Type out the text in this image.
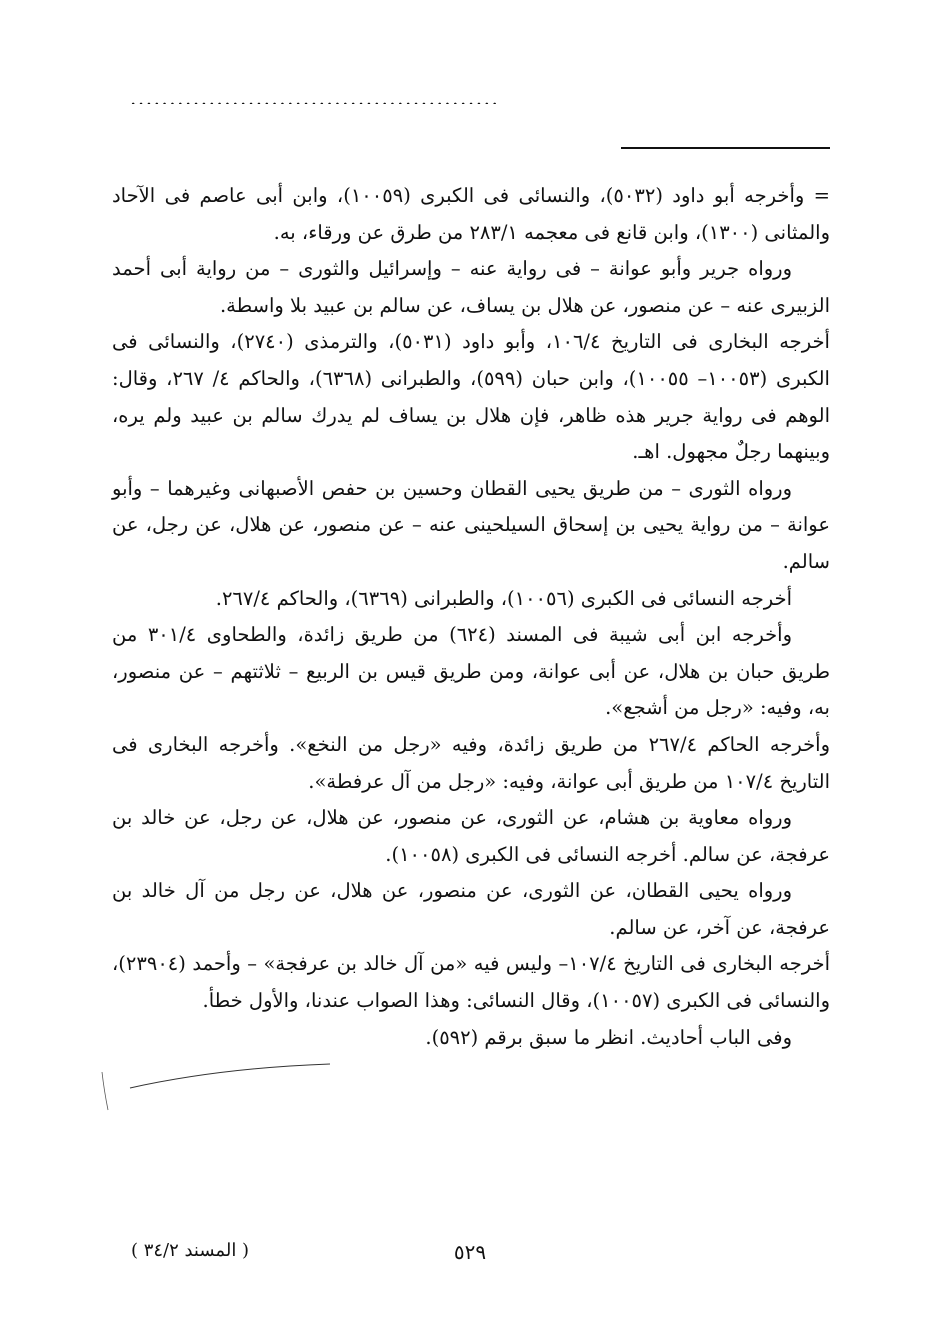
...............................................

= وأخرجه أبو داود (٥٠٣٢)، والنسائى فى الكبرى (١٠٠٥٩)، وابن أبى عاصم فى الآحاد والمثانى (١٣٠٠)، وابن قانع فى معجمه ٢٨٣/١ من طرق عن ورقاء، به.

ورواه جرير وأبو عوانة – فى رواية عنه – وإسرائيل والثورى – من رواية أبى أحمد الزبيرى عنه – عن منصور، عن هلال بن يساف، عن سالم بن عبيد بلا واسطة.

أخرجه البخارى فى التاريخ ١٠٦/٤، وأبو داود (٥٠٣١)، والترمذى (٢٧٤٠)، والنسائى فى الكبرى (١٠٠٥٣– ١٠٠٥٥)، وابن حبان (٥٩٩)، والطبرانى (٦٣٦٨)، والحاكم ٤/ ٢٦٧، وقال: الوهم فى رواية جرير هذه ظاهر، فإن هلال بن يساف لم يدرك سالم بن عبيد ولم يره، وبينهما رجلٌ مجهول. اهـ.

ورواه الثورى – من طريق يحيى القطان وحسين بن حفص الأصبهانى وغيرهما – وأبو عوانة – من رواية يحيى بن إسحاق السيلحينى عنه – عن منصور، عن هلال، عن رجل، عن سالم.

أخرجه النسائى فى الكبرى (١٠٠٥٦)، والطبرانى (٦٣٦٩)، والحاكم ٢٦٧/٤.

وأخرجه ابن أبى شيبة فى المسند (٦٢٤) من طريق زائدة، والطحاوى ٣٠١/٤ من طريق حبان بن هلال، عن أبى عوانة، ومن طريق قيس بن الربيع – ثلاثتهم – عن منصور، به، وفيه: «رجل من أشجع».

وأخرجه الحاكم ٢٦٧/٤ من طريق زائدة، وفيه «رجل من النخع». وأخرجه البخارى فى التاريخ ١٠٧/٤ من طريق أبى عوانة، وفيه: «رجل من آل عرفطة».

ورواه معاوية بن هشام، عن الثورى، عن منصور، عن هلال، عن رجل، عن خالد بن عرفجة، عن سالم. أخرجه النسائى فى الكبرى (١٠٠٥٨).

ورواه يحيى القطان، عن الثورى، عن منصور، عن هلال، عن رجل من آل خالد بن عرفجة، عن آخر، عن سالم.

أخرجه البخارى فى التاريخ ١٠٧/٤– وليس فيه «من آل خالد بن عرفجة» – وأحمد (٢٣٩٠٤)، والنسائى فى الكبرى (١٠٠٥٧)، وقال النسائى: وهذا الصواب عندنا، والأول خطأ.

وفى الباب أحاديث. انظر ما سبق برقم (٥٩٢).

( المسند ٣٤/٢ )	٥٢٩
